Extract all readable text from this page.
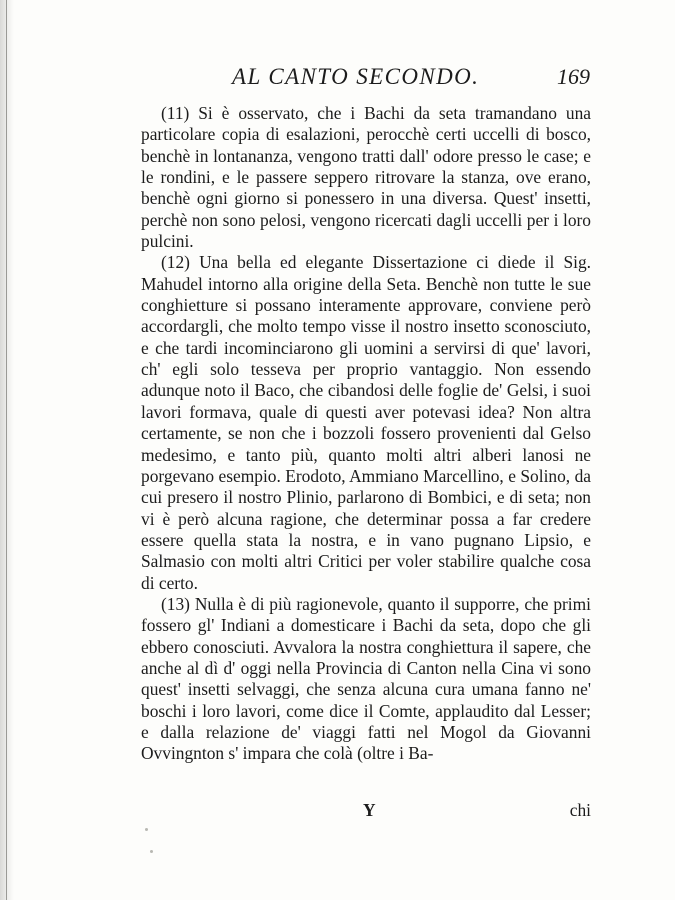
AL CANTO SECONDO.	169

(11) Si è osservato, che i Bachi da seta tramandano una particolare copia di esalazioni, perocchè certi uccelli di bosco, benchè in lontananza, vengono tratti dall' odore presso le case; e le rondini, e le passere seppero ritrovare la stanza, ove erano, benchè ogni giorno si ponessero in una diversa. Quest' insetti, perchè non sono pelosi, vengono ricercati dagli uccelli per i loro pulcini.

(12) Una bella ed elegante Dissertazione ci diede il Sig. Mahudel intorno alla origine della Seta. Benchè non tutte le sue conghietture si possano interamente approvare, conviene però accordargli, che molto tempo visse il nostro insetto sconosciuto, e che tardi incominciarono gli uomini a servirsi di que' lavori, ch' egli solo tesseva per proprio vantaggio. Non essendo adunque noto il Baco, che cibandosi delle foglie de' Gelsi, i suoi lavori formava, quale di questi aver potevasi idea? Non altra certamente, se non che i bozzoli fossero provenienti dal Gelso medesimo, e tanto più, quanto molti altri alberi lanosi ne porgevano esempio. Erodoto, Ammiano Marcellino, e Solino, da cui presero il nostro Plinio, parlarono di Bombici, e di seta; non vi è però alcuna ragione, che determinar possa a far credere essere quella stata la nostra, e in vano pugnano Lipsio, e Salmasio con molti altri Critici per voler stabilire qualche cosa di certo.

(13) Nulla è di più ragionevole, quanto il supporre, che primi fossero gl' Indiani a domesticare i Bachi da seta, dopo che gli ebbero conosciuti. Avvalora la nostra conghiettura il sapere, che anche al dì d' oggi nella Provincia di Canton nella Cina vi sono quest' insetti selvaggi, che senza alcuna cura umana fanno ne' boschi i loro lavori, come dice il Comte, applaudito dal Lesser; e dalla relazione de' viaggi fatti nel Mogol da Giovanni Ovvingnton s' impara che colà (oltre i Ba-

Y	chi
